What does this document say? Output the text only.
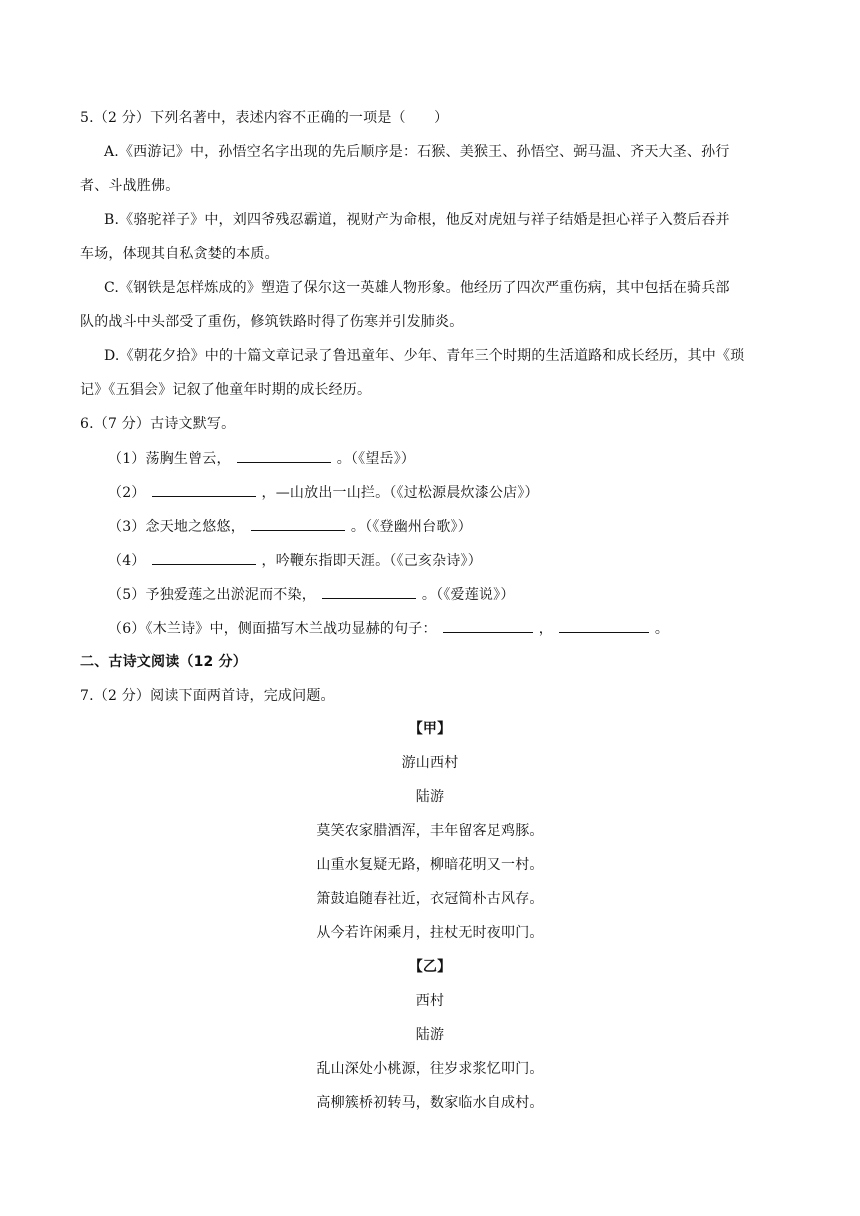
5.（2 分）下列名著中，表述内容不正确的一项是（　　）
A.《西游记》中，孙悟空名字出现的先后顺序是：石猴、美猴王、孙悟空、弼马温、齐天大圣、孙行
者、斗战胜佛。
B.《骆驼祥子》中，刘四爷残忍霸道，视财产为命根，他反对虎妞与祥子结婚是担心祥子入赘后吞并
车场，体现其自私贪婪的本质。
C.《钢铁是怎样炼成的》塑造了保尔这一英雄人物形象。他经历了四次严重伤病，其中包括在骑兵部
队的战斗中头部受了重伤，修筑铁路时得了伤寒并引发肺炎。
D.《朝花夕拾》中的十篇文章记录了鲁迅童年、少年、青年三个时期的生活道路和成长经历，其中《琐
记》《五猖会》记叙了他童年时期的成长经历。
6.（7 分）古诗文默写。
（1）荡胸生曾云，	。（《望岳》）
（2）	，—山放出一山拦。（《过松源晨炊漆公店》）
（3）念天地之悠悠，	。（《登幽州台歌》）
（4）	，吟鞭东指即天涯。（《己亥杂诗》）
（5）予独爱莲之出淤泥而不染，	。（《爱莲说》）
（6）《木兰诗》中，侧面描写木兰战功显赫的句子：	，	。
二、古诗文阅读（12 分）
7.（2 分）阅读下面两首诗，完成问题。
【甲】
游山西村
陆游
莫笑农家腊酒浑，丰年留客足鸡豚。
山重水复疑无路，柳暗花明又一村。
箫鼓追随春社近，衣冠简朴古风存。
从今若许闲乘月，拄杖无时夜叩门。
【乙】
西村
陆游
乱山深处小桃源，往岁求浆忆叩门。
高柳簇桥初转马，数家临水自成村。
